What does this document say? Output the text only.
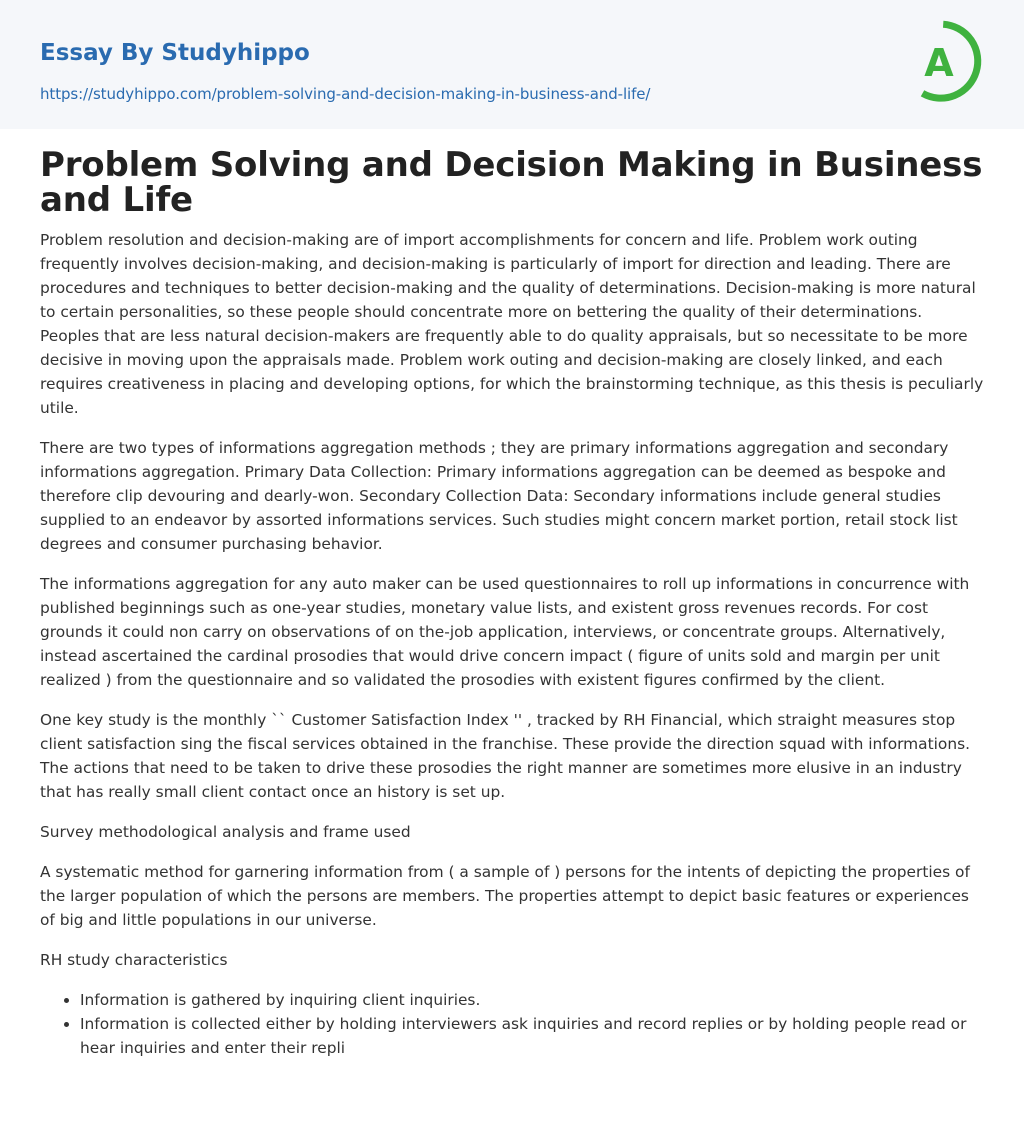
Essay By Studyhippo
https://studyhippo.com/problem-solving-and-decision-making-in-business-and-life/
A
Problem Solving and Decision Making in Business and Life

Problem resolution and decision-making are of import accomplishments for concern and life. Problem work outing frequently involves decision-making, and decision-making is particularly of import for direction and leading. There are procedures and techniques to better decision-making and the quality of determinations. Decision-making is more natural to certain personalities, so these people should concentrate more on bettering the quality of their determinations. Peoples that are less natural decision-makers are frequently able to do quality appraisals, but so necessitate to be more decisive in moving upon the appraisals made. Problem work outing and decision-making are closely linked, and each requires creativeness in placing and developing options, for which the brainstorming technique, as this thesis is peculiarly utile.

There are two types of informations aggregation methods ; they are primary informations aggregation and secondary informations aggregation. Primary Data Collection: Primary informations aggregation can be deemed as bespoke and therefore clip devouring and dearly-won. Secondary Collection Data: Secondary informations include general studies supplied to an endeavor by assorted informations services. Such studies might concern market portion, retail stock list degrees and consumer purchasing behavior.

The informations aggregation for any auto maker can be used questionnaires to roll up informations in concurrence with published beginnings such as one-year studies, monetary value lists, and existent gross revenues records. For cost grounds it could non carry on observations of on the-job application, interviews, or concentrate groups. Alternatively, instead ascertained the cardinal prosodies that would drive concern impact ( figure of units sold and margin per unit realized ) from the questionnaire and so validated the prosodies with existent figures confirmed by the client.

One key study is the monthly `` Customer Satisfaction Index '' , tracked by RH Financial, which straight measures stop client satisfaction sing the fiscal services obtained in the franchise. These provide the direction squad with informations. The actions that need to be taken to drive these prosodies the right manner are sometimes more elusive in an industry that has really small client contact once an history is set up.

Survey methodological analysis and frame used

A systematic method for garnering information from ( a sample of ) persons for the intents of depicting the properties of the larger population of which the persons are members. The properties attempt to depict basic features or experiences of big and little populations in our universe.

RH study characteristics

• Information is gathered by inquiring client inquiries.
• Information is collected either by holding interviewers ask inquiries and record replies or by holding people read or hear inquiries and enter their repli
